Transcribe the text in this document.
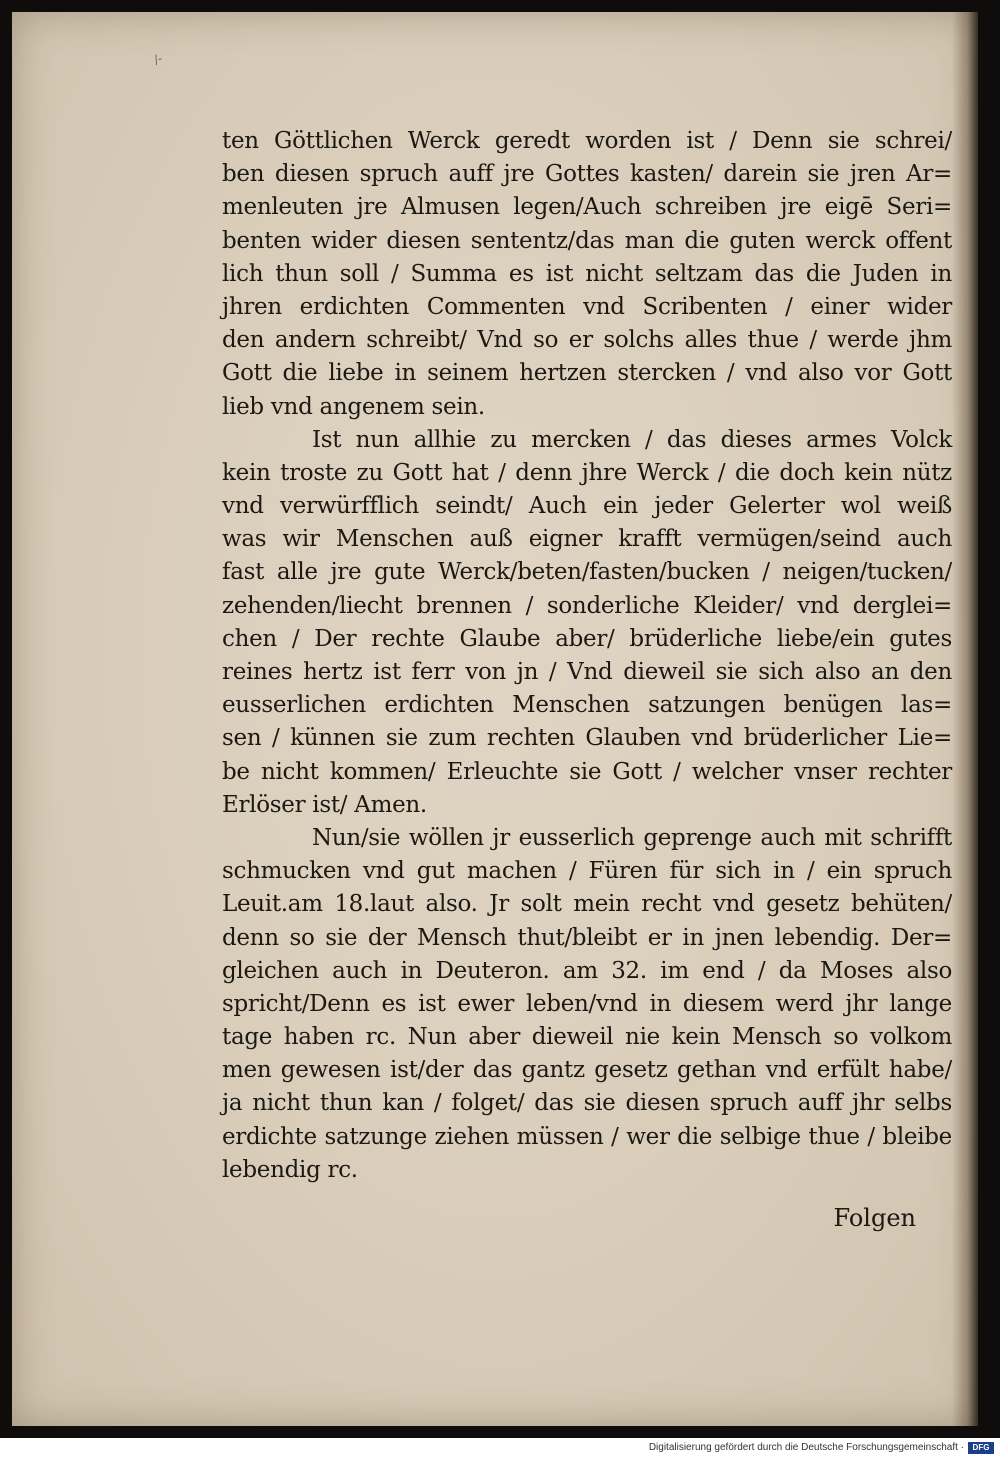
/-
ten Göttlichen Werck geredt worden ist / Denn sie schrei/
ben diesen spruch auff jre Gottes kasten/ darein sie jren Ar=
menleuten jre Almusen legen/Auch schreiben jre eigē Seri=
benten wider diesen sententz/das man die guten werck offent
lich thun soll / Summa es ist nicht seltzam das die Juden in
jhren erdichten Commenten vnd Scribenten / einer wider
den andern schreibt/ Vnd so er solchs alles thue / werde jhm
Gott die liebe in seinem hertzen stercken / vnd also vor Gott
lieb vnd angenem sein.
Ist nun allhie zu mercken / das dieses armes Volck
kein troste zu Gott hat / denn jhre Werck / die doch kein nütz
vnd verwürfflich seindt/ Auch ein jeder Gelerter wol weiß
was wir Menschen auß eigner krafft vermügen/seind auch
fast alle jre gute Werck/beten/fasten/bucken / neigen/tucken/
zehenden/liecht brennen / sonderliche Kleider/ vnd derglei=
chen / Der rechte Glaube aber/ brüderliche liebe/ein gutes
reines hertz ist ferr von jn / Vnd dieweil sie sich also an den
eusserlichen erdichten Menschen satzungen benügen las=
sen / künnen sie zum rechten Glauben vnd brüderlicher Lie=
be nicht kommen/ Erleuchte sie Gott / welcher vnser rechter
Erlöser ist/ Amen.
Nun/sie wöllen jr eusserlich geprenge auch mit schrifft
schmucken vnd gut machen / Füren für sich in / ein spruch
Leuit.am 18.laut also. Jr solt mein recht vnd gesetz behüten/
denn so sie der Mensch thut/bleibt er in jnen lebendig. Der=
gleichen auch in Deuteron. am 32. im end / da Moses also
spricht/Denn es ist ewer leben/vnd in diesem werd jhr lange
tage haben rc. Nun aber dieweil nie kein Mensch so volkom
men gewesen ist/der das gantz gesetz gethan vnd erfült habe/
ja nicht thun kan / folget/ das sie diesen spruch auff jhr selbs
erdichte satzunge ziehen müssen / wer die selbige thue / bleibe
lebendig rc.
Folgen
Digitalisierung gefördert durch die Deutsche Forschungsgemeinschaft ·	DFG
